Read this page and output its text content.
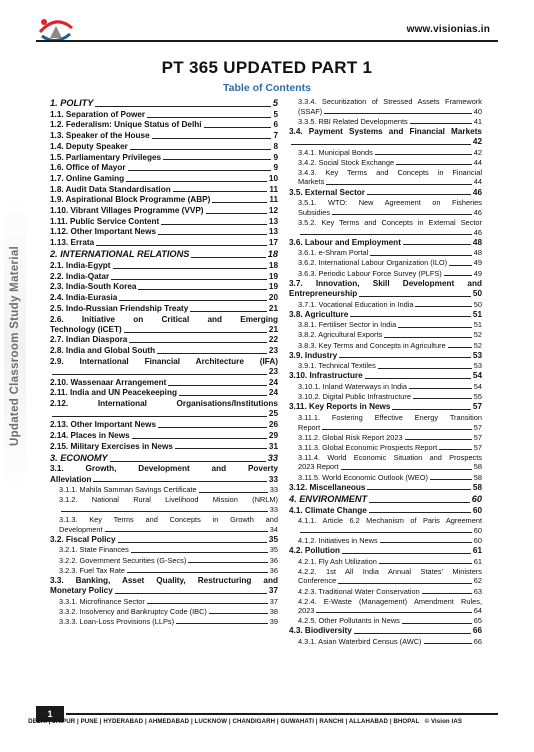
www.visionias.in
PT 365 UPDATED PART 1
Table of Contents
Updated Classroom Study Material
1. POLITY	5
1.1. Separation of Power	5
1.2. Federalism: Unique Status of Delhi	6
1.3. Speaker of the House	7
1.4. Deputy Speaker	8
1.5. Parliamentary Privileges	9
1.6. Office of Mayor	9
1.7. Online Gaming	10
1.8. Audit Data Standardisation	11
1.9. Aspirational Block Programme (ABP)	11
1.10. Vibrant Villages Programme (VVP)	12
1.11. Public Service Content	13
1.12. Other Important News	13
1.13. Errata	17
2. INTERNATIONAL RELATIONS	18
2.1. India-Egypt	18
2.2. India-Qatar	19
2.3. India-South Korea	19
2.4. India-Eurasia	20
2.5. Indo-Russian Friendship Treaty	21
2.6. Initiative on Critical and Emerging
Technology (iCET)	21
2.7. Indian Diaspora	22
2.8. India and Global South	23
2.9. International Financial Architecture (IFA)
23
2.10. Wassenaar Arrangement	24
2.11. India and UN Peacekeeping	24
2.12. International Organisations/Institutions
25
2.13. Other Important News	26
2.14. Places in News	29
2.15. Military Exercises in News	31
3. ECONOMY	33
3.1. Growth, Development and Poverty
Alleviation	33
3.1.1. Mahila Samman Savings Certificate	33
3.1.2. National Rural Livelihood Mission (NRLM)
33
3.1.3. Key Terms and Concepts in Growth and
Development	34
3.2. Fiscal Policy	35
3.2.1. State Finances	35
3.2.2. Government Securities (G-Secs)	36
3.2.3. Fuel Tax Rate	36
3.3. Banking, Asset Quality, Restructuring and
Monetary Policy	37
3.3.1. Microfinance Sector	37
3.3.2. Insolvency and Bankruptcy Code (IBC)	38
3.3.3. Loan-Loss Provisions (LLPs)	39
3.3.4. Securitization of Stressed Assets Framework
(SSAF)	40
3.3.5. RBI Related Developments	41
3.4. Payment Systems and Financial Markets
42
3.4.1. Municipal Bonds	42
3.4.2. Social Stock Exchange	44
3.4.3. Key Terms and Concepts in Financial
Markets	44
3.5. External Sector	46
3.5.1. WTO: New Agreement on Fisheries
Subsidies	46
3.5.2. Key Terms and Concepts in External Sector
46
3.6. Labour and Employment	48
3.6.1. e-Shram Portal	48
3.6.2. International Labour Organization (ILO)	49
3.6.3. Periodic Labour Force Survey (PLFS)	49
3.7. Innovation, Skill Development and
Entrepreneurship	50
3.7.1. Vocational Education in India	50
3.8. Agriculture	51
3.8.1. Fertiliser Sector in India	51
3.8.2. Agricultural Exports	52
3.8.3. Key Terms and Concepts in Agriculture	52
3.9. Industry	53
3.9.1. Technical Textiles	53
3.10. Infrastructure	54
3.10.1. Inland Waterways in India	54
3.10.2. Digital Public Infrastructure	55
3.11. Key Reports in News	57
3.11.1. Fostering Effective Energy Transition
Report	57
3.11.2. Global Risk Report 2023	57
3.11.3. Global Economic Prospects Report	57
3.11.4. World Economic Situation and Prospects
2023 Report	58
3.11.5. World Economic Outlook (WEO)	58
3.12. Miscellaneous	58
4. ENVIRONMENT	60
4.1. Climate Change	60
4.1.1. Article 6.2 Mechanism of Paris Agreement
60
4.1.2. Initiatives in News	60
4.2. Pollution	61
4.2.1. Fly Ash Utilization	61
4.2.2. 1st All India Annual States' Ministers
Conference	62
4.2.3. Traditional Water Conservation	63
4.2.4. E-Waste (Management) Amendment Rules,
2023	64
4.2.5. Other Pollutants in News	65
4.3. Biodiversity	66
4.3.1. Asian Waterbird Census (AWC)	66
1
DELHI | JAIPUR | PUNE | HYDERABAD | AHMEDABAD | LUCKNOW | CHANDIGARH | GUWAHATI | RANCHI | ALLAHABAD | BHOPAL © Vision IAS
